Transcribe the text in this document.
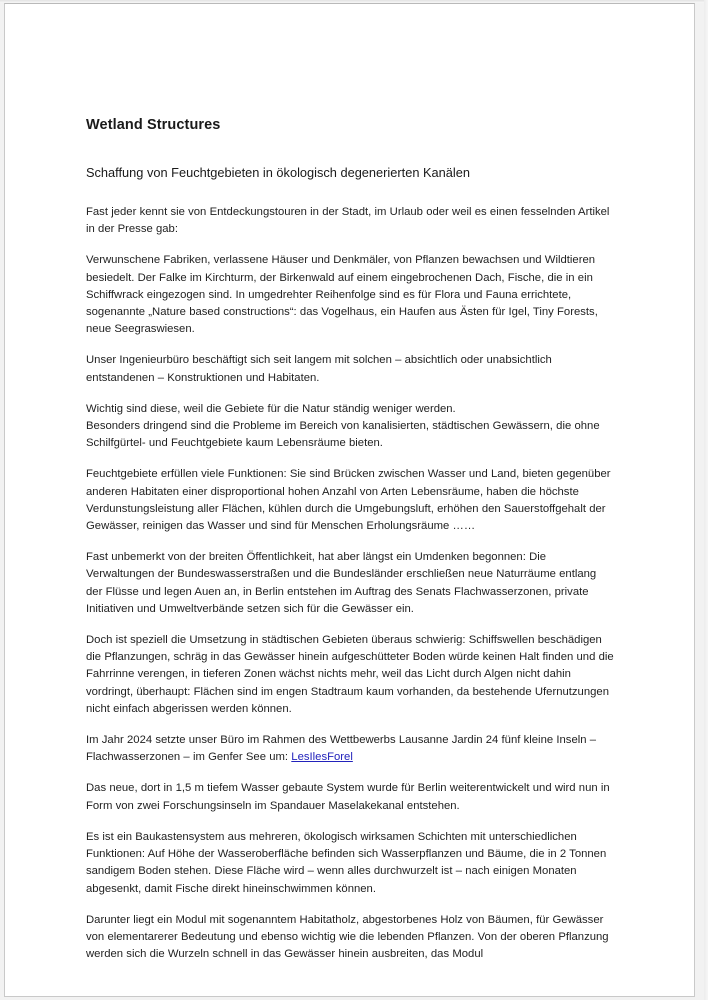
Wetland Structures
Schaffung von Feuchtgebieten in ökologisch degenerierten Kanälen

Fast jeder kennt sie von Entdeckungstouren in der Stadt, im Urlaub oder weil es einen fesselnden Artikel in der Presse gab:

Verwunschene Fabriken, verlassene Häuser und Denkmäler, von Pflanzen bewachsen und Wildtieren besiedelt. Der Falke im Kirchturm, der Birkenwald auf einem eingebrochenen Dach, Fische, die in ein Schiffwrack eingezogen sind. In umgedrehter Reihenfolge sind es für Flora und Fauna errichtete, sogenannte „Nature based constructions“: das Vogelhaus, ein Haufen aus Ästen für Igel, Tiny Forests, neue Seegraswiesen.

Unser Ingenieurbüro beschäftigt sich seit langem mit solchen – absichtlich oder unabsichtlich entstandenen – Konstruktionen und Habitaten.

Wichtig sind diese, weil die Gebiete für die Natur ständig weniger werden.
Besonders dringend sind die Probleme im Bereich von kanalisierten, städtischen Gewässern, die ohne Schilfgürtel- und Feuchtgebiete kaum Lebensräume bieten.

Feuchtgebiete erfüllen viele Funktionen: Sie sind Brücken zwischen Wasser und Land, bieten gegenüber anderen Habitaten einer disproportional hohen Anzahl von Arten Lebensräume, haben die höchste Verdunstungsleistung aller Flächen, kühlen durch die Umgebungsluft, erhöhen den Sauerstoffgehalt der Gewässer, reinigen das Wasser und sind für Menschen Erholungsräume ……

Fast unbemerkt von der breiten Öffentlichkeit, hat aber längst ein Umdenken begonnen: Die Verwaltungen der Bundeswasserstraßen und die Bundesländer erschließen neue Naturräume entlang der Flüsse und legen Auen an, in Berlin entstehen im Auftrag des Senats Flachwasserzonen, private Initiativen und Umweltverbände setzen sich für die Gewässer ein.

Doch ist speziell die Umsetzung in städtischen Gebieten überaus schwierig: Schiffswellen beschädigen die Pflanzungen, schräg in das Gewässer hinein aufgeschütteter Boden würde keinen Halt finden und die Fahrrinne verengen, in tieferen Zonen wächst nichts mehr, weil das Licht durch Algen nicht dahin vordringt, überhaupt: Flächen sind im engen Stadtraum kaum vorhanden, da bestehende Ufernutzungen nicht einfach abgerissen werden können.

Im Jahr 2024 setzte unser Büro im Rahmen des Wettbewerbs Lausanne Jardin 24 fünf kleine Inseln – Flachwasserzonen – im Genfer See um: LesIlesForel

Das neue, dort in 1,5 m tiefem Wasser gebaute System wurde für Berlin weiterentwickelt und wird nun in Form von zwei Forschungsinseln im Spandauer Maselakekanal entstehen.

Es ist ein Baukastensystem aus mehreren, ökologisch wirksamen Schichten mit unterschiedlichen Funktionen: Auf Höhe der Wasseroberfläche befinden sich Wasserpflanzen und Bäume, die in 2 Tonnen sandigem Boden stehen. Diese Fläche wird – wenn alles durchwurzelt ist – nach einigen Monaten abgesenkt, damit Fische direkt hineinschwimmen können.

Darunter liegt ein Modul mit sogenanntem Habitatholz, abgestorbenes Holz von Bäumen, für Gewässer von elementarerer Bedeutung und ebenso wichtig wie die lebenden Pflanzen. Von der oberen Pflanzung werden sich die Wurzeln schnell in das Gewässer hinein ausbreiten, das Modul
